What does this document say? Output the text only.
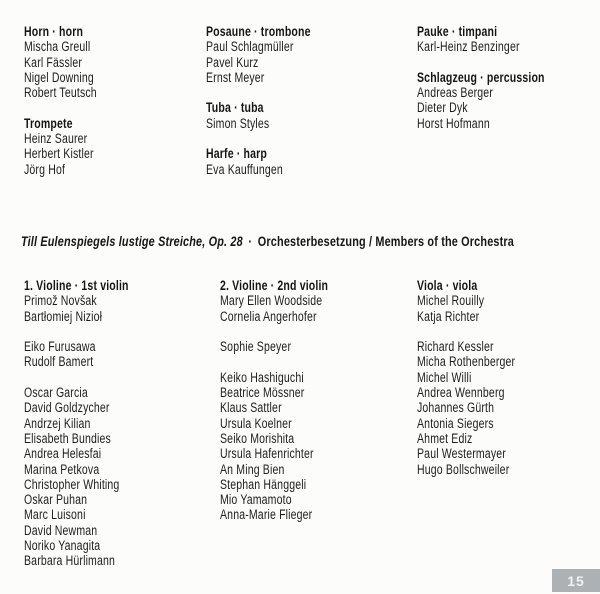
Horn · horn
Mischa Greull
Karl Fässler
Nigel Downing
Robert Teutsch

Trompete
Heinz Saurer
Herbert Kistler
Jörg Hof
Posaune · trombone
Paul Schlagmüller
Pavel Kurz
Ernst Meyer

Tuba · tuba
Simon Styles

Harfe · harp
Eva Kauffungen
Pauke · timpani
Karl-Heinz Benzinger

Schlagzeug · percussion
Andreas Berger
Dieter Dyk
Horst Hofmann
Till Eulenspiegels lustige Streiche, Op. 28 · Orchesterbesetzung / Members of the Orchestra
1. Violine · 1st violin
Primož Novšak
Bartłomiej Nizioł

Eiko Furusawa
Rudolf Bamert

Oscar Garcia
David Goldzycher
Andrzej Kilian
Elisabeth Bundies
Andrea Helesfai
Marina Petkova
Christopher Whiting
Oskar Puhan
Marc Luisoni
David Newman
Noriko Yanagita
Barbara Hürlimann
2. Violine · 2nd violin
Mary Ellen Woodside
Cornelia Angerhofer

Sophie Speyer

Keiko Hashiguchi
Beatrice Mössner
Klaus Sattler
Ursula Koelner
Seiko Morishita
Ursula Hafenrichter
An Ming Bien
Stephan Hänggeli
Mio Yamamoto
Anna-Marie Flieger
Viola · viola
Michel Rouilly
Katja Richter

Richard Kessler
Micha Rothenberger
Michel Willi
Andrea Wennberg
Johannes Gürth
Antonia Siegers
Ahmet Ediz
Paul Westermayer
Hugo Bollschweiler
15
